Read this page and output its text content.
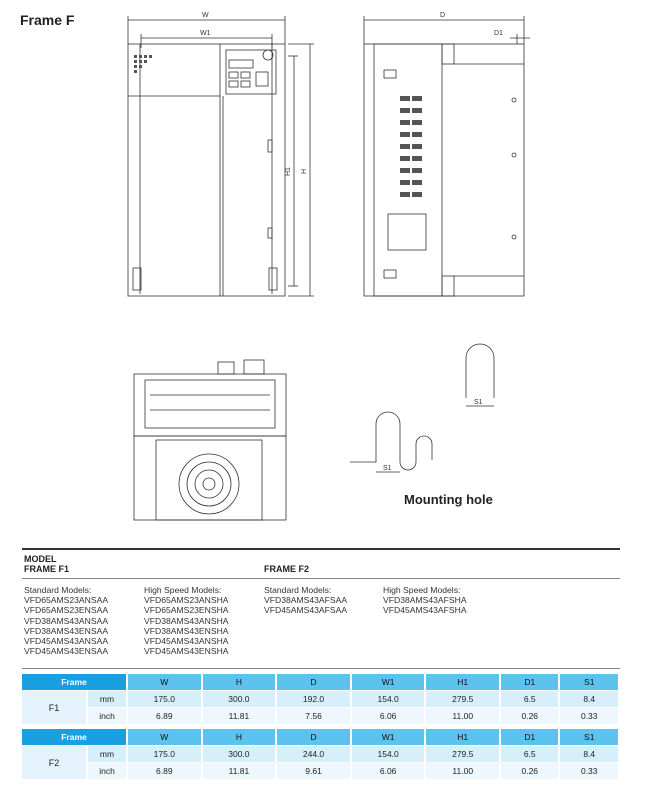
Frame F	W
W1
H1 H
D
D1
S1
S1
Mounting hole
MODEL
FRAME F1	FRAME F2
Standard Models:
VFD65AMS23ANSAA
VFD65AMS23ENSAA
VFD38AMS43ANSAA
VFD38AMS43ENSAA
VFD45AMS43ANSAA
VFD45AMS43ENSAA
High Speed Models:
VFD65AMS23ANSHA
VFD65AMS23ENSHA
VFD38AMS43ANSHA
VFD38AMS43ENSHA
VFD45AMS43ANSHA
VFD45AMS43ENSHA
Standard Models:
VFD38AMS43AFSAA
VFD45AMS43AFSAA
High Speed Models:
VFD38AMS43AFSHA
VFD45AMS43AFSHA
Frame		W	H	D	W1	H1	D1	S1
F1	mm	175.0	300.0	192.0	154.0	279.5	6.5	8.4
	inch	6.89	11.81	7.56	6.06	11.00	0.26	0.33
Frame		W	H	D	W1	H1	D1	S1
F2	mm	175.0	300.0	244.0	154.0	279.5	6.5	8.4
	inch	6.89	11.81	9.61	6.06	11.00	0.26	0.33
